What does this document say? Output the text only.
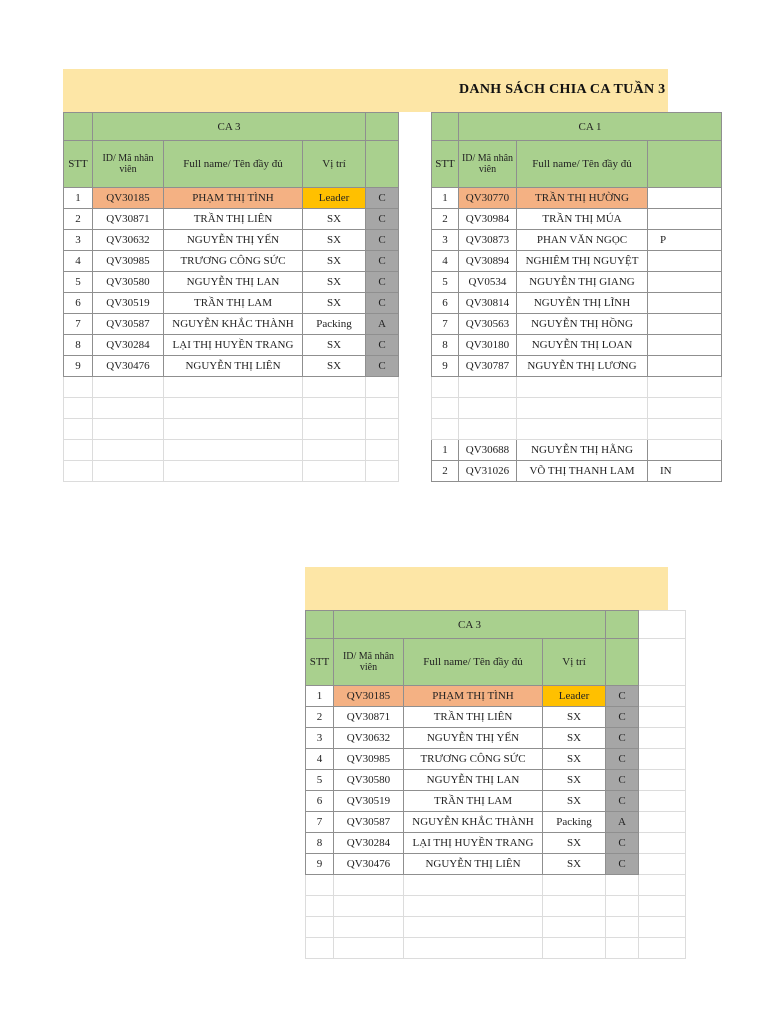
DANH SÁCH CHIA CA TUẦN 3
	CA 3			
STT	ID/ Mã nhân viên	Full name/ Tên đầy đủ	Vị trí	
1	QV30185	PHẠM THỊ TÌNH	Leader	C
2	QV30871	TRẦN THỊ LIÊN	SX	C
3	QV30632	NGUYỄN THỊ YẾN	SX	C
4	QV30985	TRƯƠNG CÔNG SỨC	SX	C
5	QV30580	NGUYỄN THỊ LAN	SX	C
6	QV30519	TRẦN THỊ LAM	SX	C
7	QV30587	NGUYỄN KHẮC THÀNH	Packing	A
8	QV30284	LẠI THỊ HUYỀN TRANG	SX	C
9	QV30476	NGUYỄN THỊ LIÊN	SX	C

	CA 1		
STT	ID/ Mã nhân viên	Full name/ Tên đầy đủ	
1	QV30770	TRẦN THỊ HƯỜNG	
2	QV30984	TRẦN THỊ MÚA	
3	QV30873	PHAN VĂN NGỌC	P
4	QV30894	NGHIÊM THỊ NGUYỆT	
5	QV0534	NGUYỄN THỊ GIANG	
6	QV30814	NGUYỄN THỊ LĨNH	
7	QV30563	NGUYỄN THỊ HỒNG	
8	QV30180	NGUYỄN THỊ LOAN	
9	QV30787	NGUYỄN THỊ LƯƠNG	

1	QV30688	NGUYỄN THỊ HẰNG	
2	QV31026	VÕ THỊ THANH LAM	IN
	CA 3				
STT	ID/ Mã nhân viên	Full name/ Tên đầy đủ	Vị trí		
1	QV30185	PHẠM THỊ TÌNH	Leader	C	
2	QV30871	TRẦN THỊ LIÊN	SX	C	
3	QV30632	NGUYỄN THỊ YẾN	SX	C	
4	QV30985	TRƯƠNG CÔNG SỨC	SX	C	
5	QV30580	NGUYỄN THỊ LAN	SX	C	
6	QV30519	TRẦN THỊ LAM	SX	C	
7	QV30587	NGUYỄN KHẮC THÀNH	Packing	A	
8	QV30284	LẠI THỊ HUYỀN TRANG	SX	C	
9	QV30476	NGUYỄN THỊ LIÊN	SX	C	
